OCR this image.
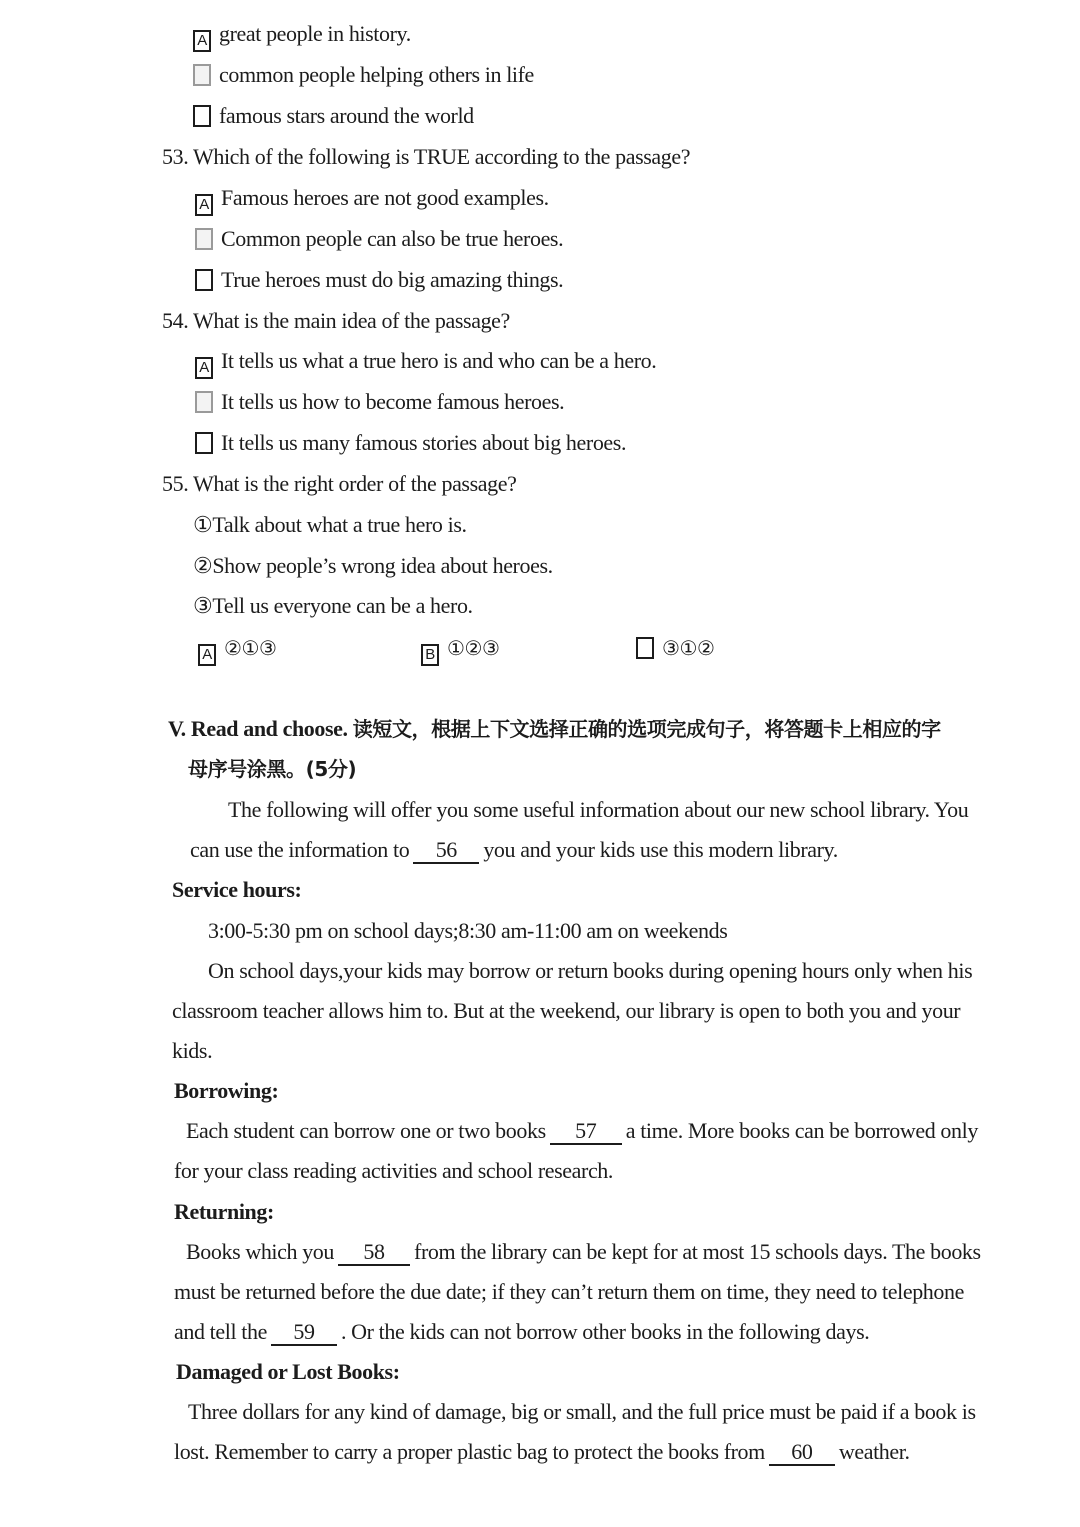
A great people in history.
common people helping others in life
famous stars around the world
53. Which of the following is TRUE according to the passage?
A Famous heroes are not good examples.
Common people can also be true heroes.
True heroes must do big amazing things.
54. What is the main idea of the passage?
A It tells us what a true hero is and who can be a hero.
It tells us how to become famous heroes.
It tells us many famous stories about big heroes.
55. What is the right order of the passage?
①Talk about what a true hero is.
②Show people’s wrong idea about heroes.
③Tell us everyone can be a hero.
A ②①③	B ①②③	③①②
V. Read and choose. 读短文，根据上下文选择正确的选项完成句子，将答题卡上相应的字
母序号涂黑。(5分)
The following will offer you some useful information about our new school library. You
can use the information to 56 you and your kids use this modern library.
Service hours:
3:00-5:30 pm on school days;8:30 am-11:00 am on weekends
On school days,your kids may borrow or return books during opening hours only when his
classroom teacher allows him to. But at the weekend, our library is open to both you and your
kids.
Borrowing:
Each student can borrow one or two books 57 a time. More books can be borrowed only
for your class reading activities and school research.
Returning:
Books which you 58 from the library can be kept for at most 15 schools days. The books
must be returned before the due date; if they can’t return them on time, they need to telephone
and tell the 59 . Or the kids can not borrow other books in the following days.
Damaged or Lost Books:
Three dollars for any kind of damage, big or small, and the full price must be paid if a book is
lost. Remember to carry a proper plastic bag to protect the books from 60 weather.
